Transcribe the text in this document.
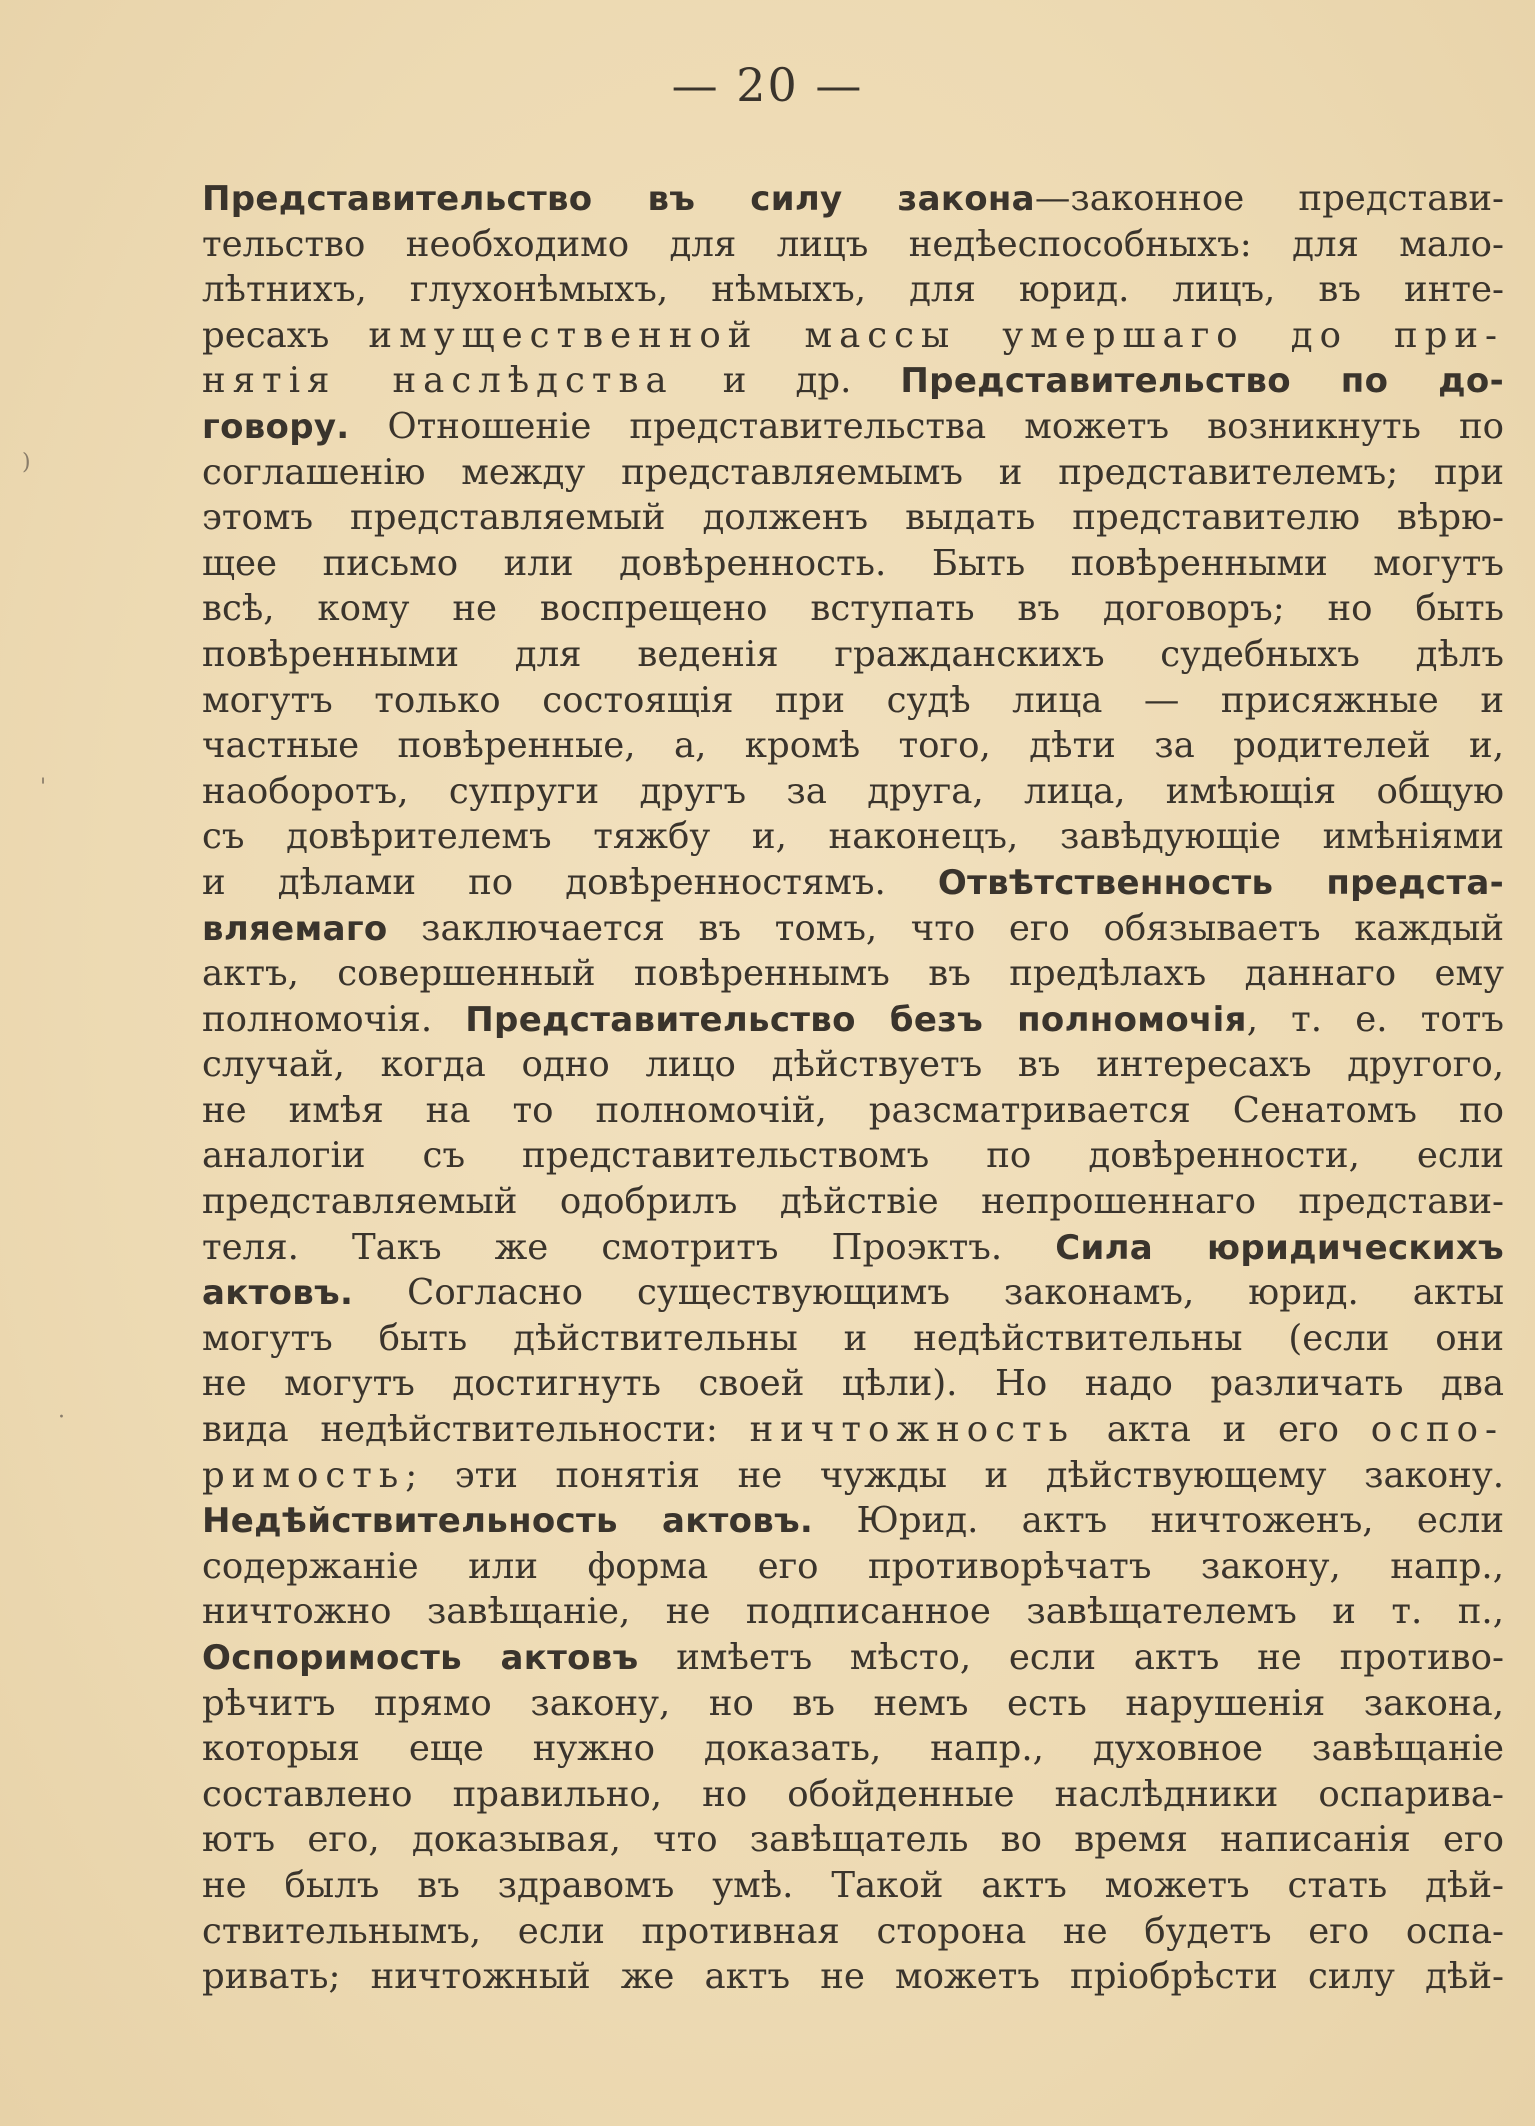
— 20 —
)
'
·
Представительство въ силу закона—законное представи-
тельство необходимо для лицъ недѣеспособныхъ: для мало-
лѣтнихъ, глухонѣмыхъ, нѣмыхъ, для юрид. лицъ, въ инте-
ресахъ имущественной массы умершаго до при-
нятія наслѣдства и др. Представительство по до-
говору. Отношеніе представительства можетъ возникнуть по
соглашенію между представляемымъ и представителемъ; при
этомъ представляемый долженъ выдать представителю вѣрю-
щее письмо или довѣренность. Быть повѣренными могутъ
всѣ, кому не воспрещено вступать въ договоръ; но быть
повѣренными для веденія гражданскихъ судебныхъ дѣлъ
могутъ только состоящія при судѣ лица — присяжные и
частные повѣренные, а, кромѣ того, дѣти за родителей и,
наоборотъ, супруги другъ за друга, лица, имѣющія общую
съ довѣрителемъ тяжбу и, наконецъ, завѣдующіе имѣніями
и дѣлами по довѣренностямъ. Отвѣтственность предста-
вляемаго заключается въ томъ, что его обязываетъ каждый
актъ, совершенный повѣреннымъ въ предѣлахъ даннаго ему
полномочія. Представительство безъ полномочія, т. е. тотъ
случай, когда одно лицо дѣйствуетъ въ интересахъ другого,
не имѣя на то полномочій, разсматривается Сенатомъ по
аналогіи съ представительствомъ по довѣренности, если
представляемый одобрилъ дѣйствіе непрошеннаго представи-
теля. Такъ же смотритъ Проэктъ. Сила юридическихъ
актовъ. Согласно существующимъ законамъ, юрид. акты
могутъ быть дѣйствительны и недѣйствительны (если они
не могутъ достигнуть своей цѣли). Но надо различать два
вида недѣйствительности: ничтожность акта и его оспо-
римость; эти понятія не чужды и дѣйствующему закону.
Недѣйствительность актовъ. Юрид. актъ ничтоженъ, если
содержаніе или форма его противорѣчатъ закону, напр.,
ничтожно завѣщаніе, не подписанное завѣщателемъ и т. п.,
Оспоримость актовъ имѣетъ мѣсто, если актъ не противо-
рѣчитъ прямо закону, но въ немъ есть нарушенія закона,
которыя еще нужно доказать, напр., духовное завѣщаніе
составлено правильно, но обойденные наслѣдники оспарива-
ютъ его, доказывая, что завѣщатель во время написанія его
не былъ въ здравомъ умѣ. Такой актъ можетъ стать дѣй-
ствительнымъ, если противная сторона не будетъ его оспа-
ривать; ничтожный же актъ не можетъ пріобрѣсти силу дѣй-
